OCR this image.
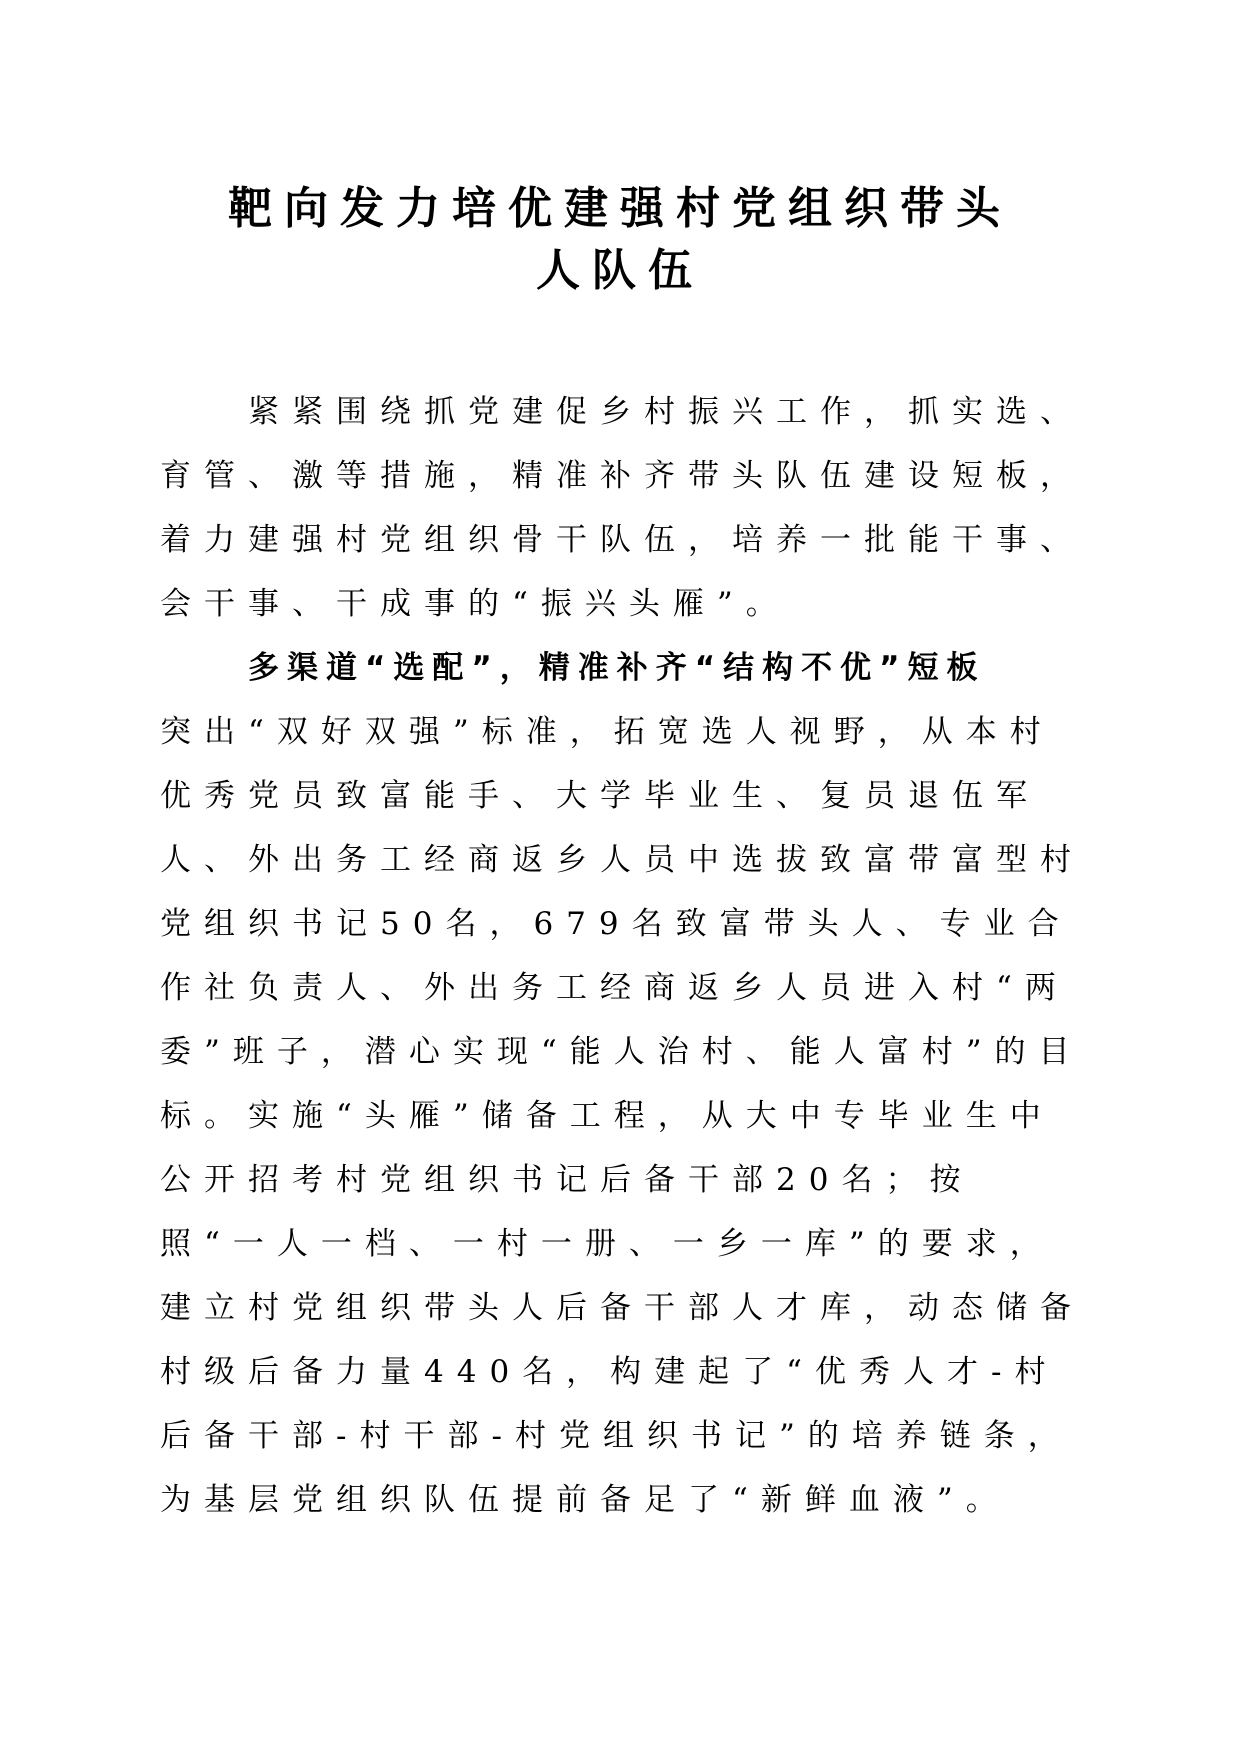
靶向发力培优建强村党组织带头
人队伍

紧紧围绕抓党建促乡村振兴工作，抓实选、育管、激等措施，精准补齐带头队伍建设短板，着力建强村党组织骨干队伍，培养一批能干事、会干事、干成事的“振兴头雁”。

多渠道“选配”，精准补齐“结构不优”短板

突出“双好双强”标准，拓宽选人视野，从本村优秀党员致富能手、大学毕业生、复员退伍军人、外出务工经商返乡人员中选拔致富带富型村党组织书记50名，679名致富带头人、专业合作社负责人、外出务工经商返乡人员进入村“两委”班子，潜心实现“能人治村、能人富村”的目标。实施“头雁”储备工程，从大中专毕业生中公开招考村党组织书记后备干部20名；按照“一人一档、一村一册、一乡一库”的要求，建立村党组织带头人后备干部人才库，动态储备村级后备力量440名，构建起了“优秀人才-村后备干部-村干部-村党组织书记”的培养链条，为基层党组织队伍提前备足了“新鲜血液”。
